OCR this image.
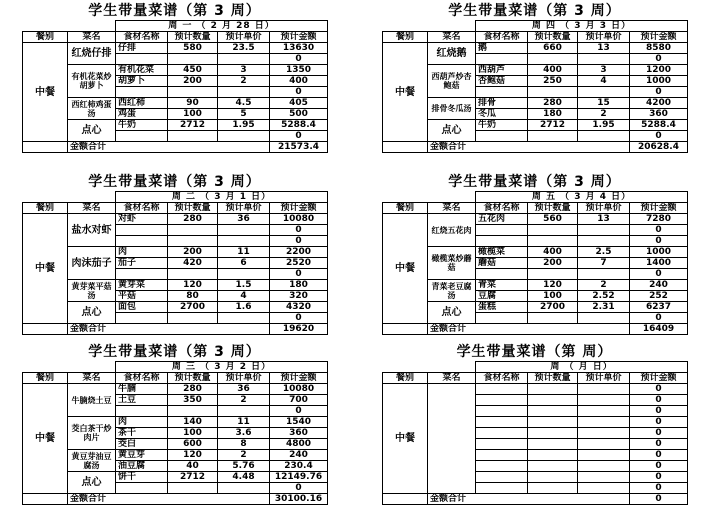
学生带量菜谱（第 3 周）
		周 一 （ 2 月 28 日）			
餐别	菜名	食材名称	预计数量	预计单价	预计金额
中餐	红烧仔排	仔排	580	23.5	13630
					0
	有机花菜炒胡萝卜	有机花菜	450	3	1350
		胡萝卜	200	2	400
					0
	西红柿鸡蛋汤	西红柿	90	4.5	405
		鸡蛋	100	5	500
	点心	牛奶	2712	1.95	5288.4
					0
	金额合计				21573.4
学生带量菜谱（第 3 周）
		周 四 （ 3 月 3 日）			
餐别	菜名	食材名称	预计数量	预计单价	预计金额
中餐	红烧鹅	鹅	660	13	8580
					0
	西葫芦炒杏鲍菇	西葫芦	400	3	1200
		杏鲍菇	250	4	1000
					0
	排骨冬瓜汤	排骨	280	15	4200
		冬瓜	180	2	360
	点心	牛奶	2712	1.95	5288.4
					0
	金额合计				20628.4
学生带量菜谱（第 3 周）
		周 二 （ 3 月 1 日）			
餐别	菜名	食材名称	预计数量	预计单价	预计金额
中餐	盐水对虾	对虾	280	36	10080
					0
					0
	肉沫茄子	肉	200	11	2200
		茄子	420	6	2520
					0
	黄芽菜平菇汤	黄芽菜	120	1.5	180
		平菇	80	4	320
	点心	面包	2700	1.6	4320
					0
	金额合计				19620
学生带量菜谱（第 3 周）
		周 五 （ 3 月 4 日）			
餐别	菜名	食材名称	预计数量	预计单价	预计金额
中餐	红烧五花肉	五花肉	560	13	7280
					0
					0
	橄榄菜炒蘑菇	橄榄菜	400	2.5	1000
		蘑菇	200	7	1400
					0
	青菜老豆腐汤	青菜	120	2	240
		豆腐	100	2.52	252
	点心	蛋糕	2700	2.31	6237
					0
	金额合计				16409
学生带量菜谱（第 3 周）
		周 三 （ 3 月 2 日）			
餐别	菜名	食材名称	预计数量	预计单价	预计金额
中餐	牛腩烧土豆	牛腩	280	36	10080
		土豆	350	2	700
					0
	茭白茶干炒肉片	肉	140	11	1540
		茶干	100	3.6	360
		茭白	600	8	4800
	黄豆芽油豆腐汤	黄豆芽	120	2	240
		油豆腐	40	5.76	230.4
	点心	饼干	2712	4.48	12149.76
					0
	金额合计				30100.16
学生带量菜谱（第 周）
		周 （ 月 日）			
餐别	菜名	食材名称	预计数量	预计单价	预计金额
中餐					0
					0
					0
					0
					0
					0
					0
					0
					0
					0
	金额合计				0
